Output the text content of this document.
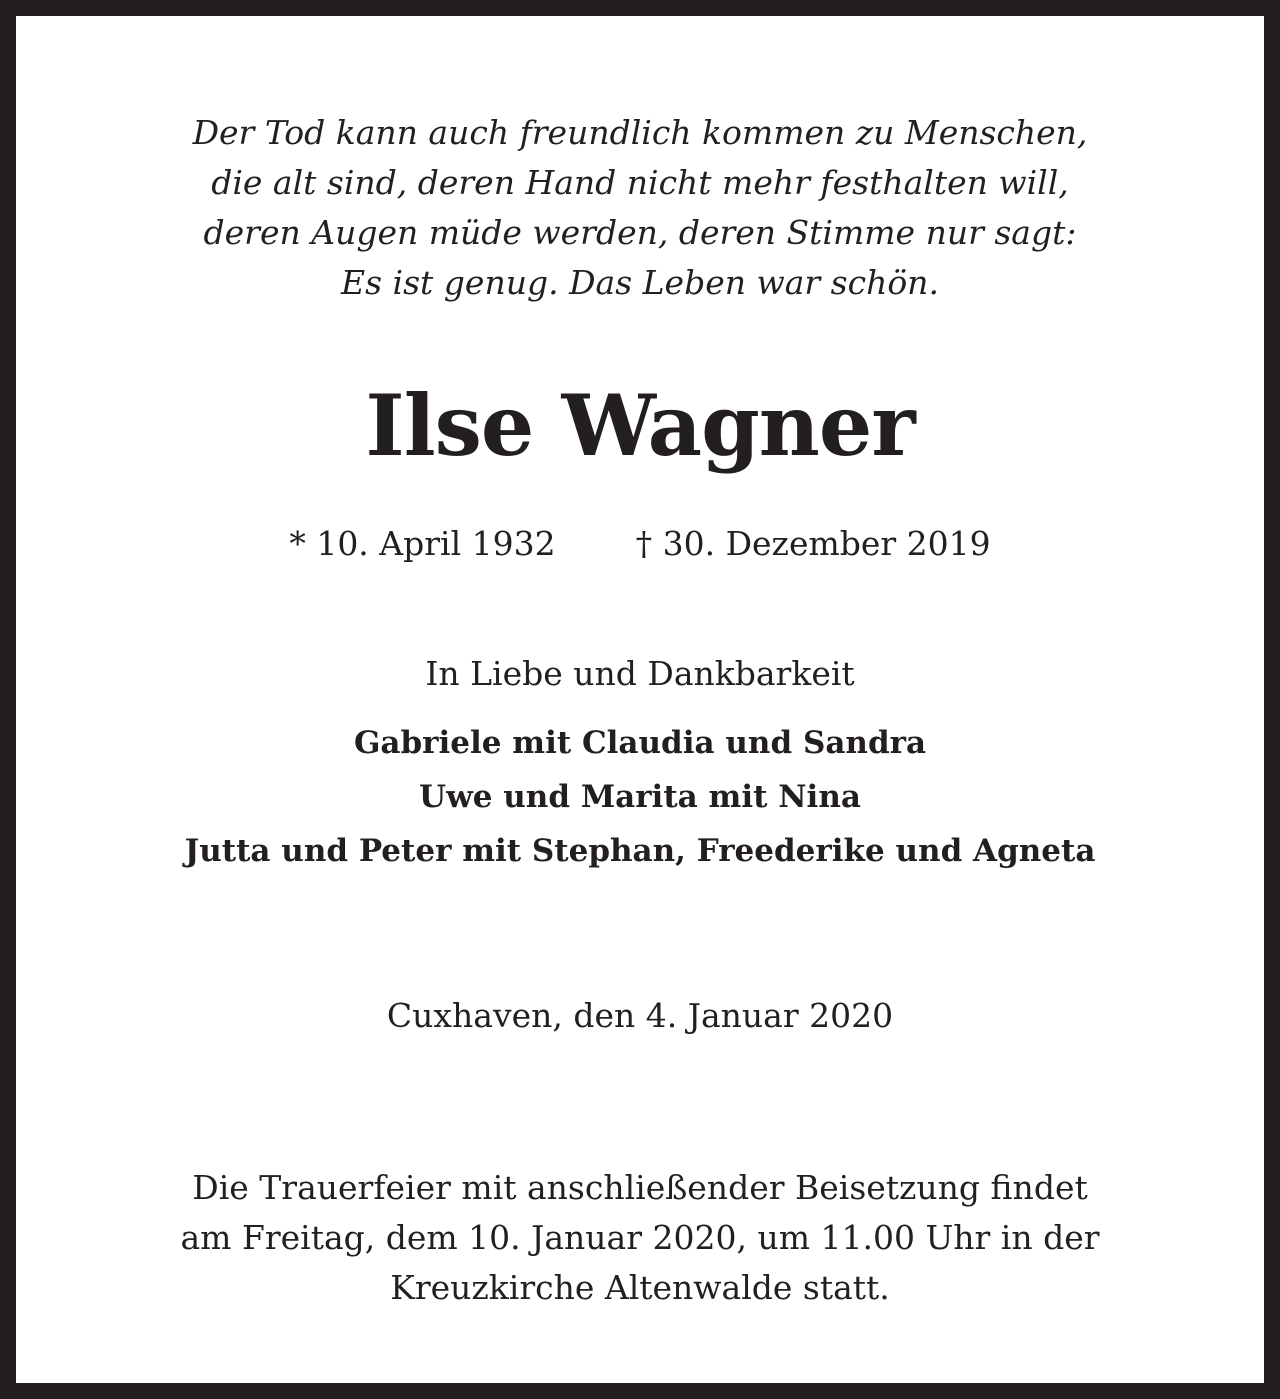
Der Tod kann auch freundlich kommen zu Menschen,
die alt sind, deren Hand nicht mehr festhalten will,
deren Augen müde werden, deren Stimme nur sagt:
Es ist genug. Das Leben war schön.
Ilse Wagner
* 10. April 1932 † 30. Dezember 2019
In Liebe und Dankbarkeit
Gabriele mit Claudia und Sandra
Uwe und Marita mit Nina
Jutta und Peter mit Stephan, Freederike und Agneta
Cuxhaven, den 4. Januar 2020
Die Trauerfeier mit anschließender Beisetzung findet
am Freitag, dem 10. Januar 2020, um 11.00 Uhr in der
Kreuzkirche Altenwalde statt.
